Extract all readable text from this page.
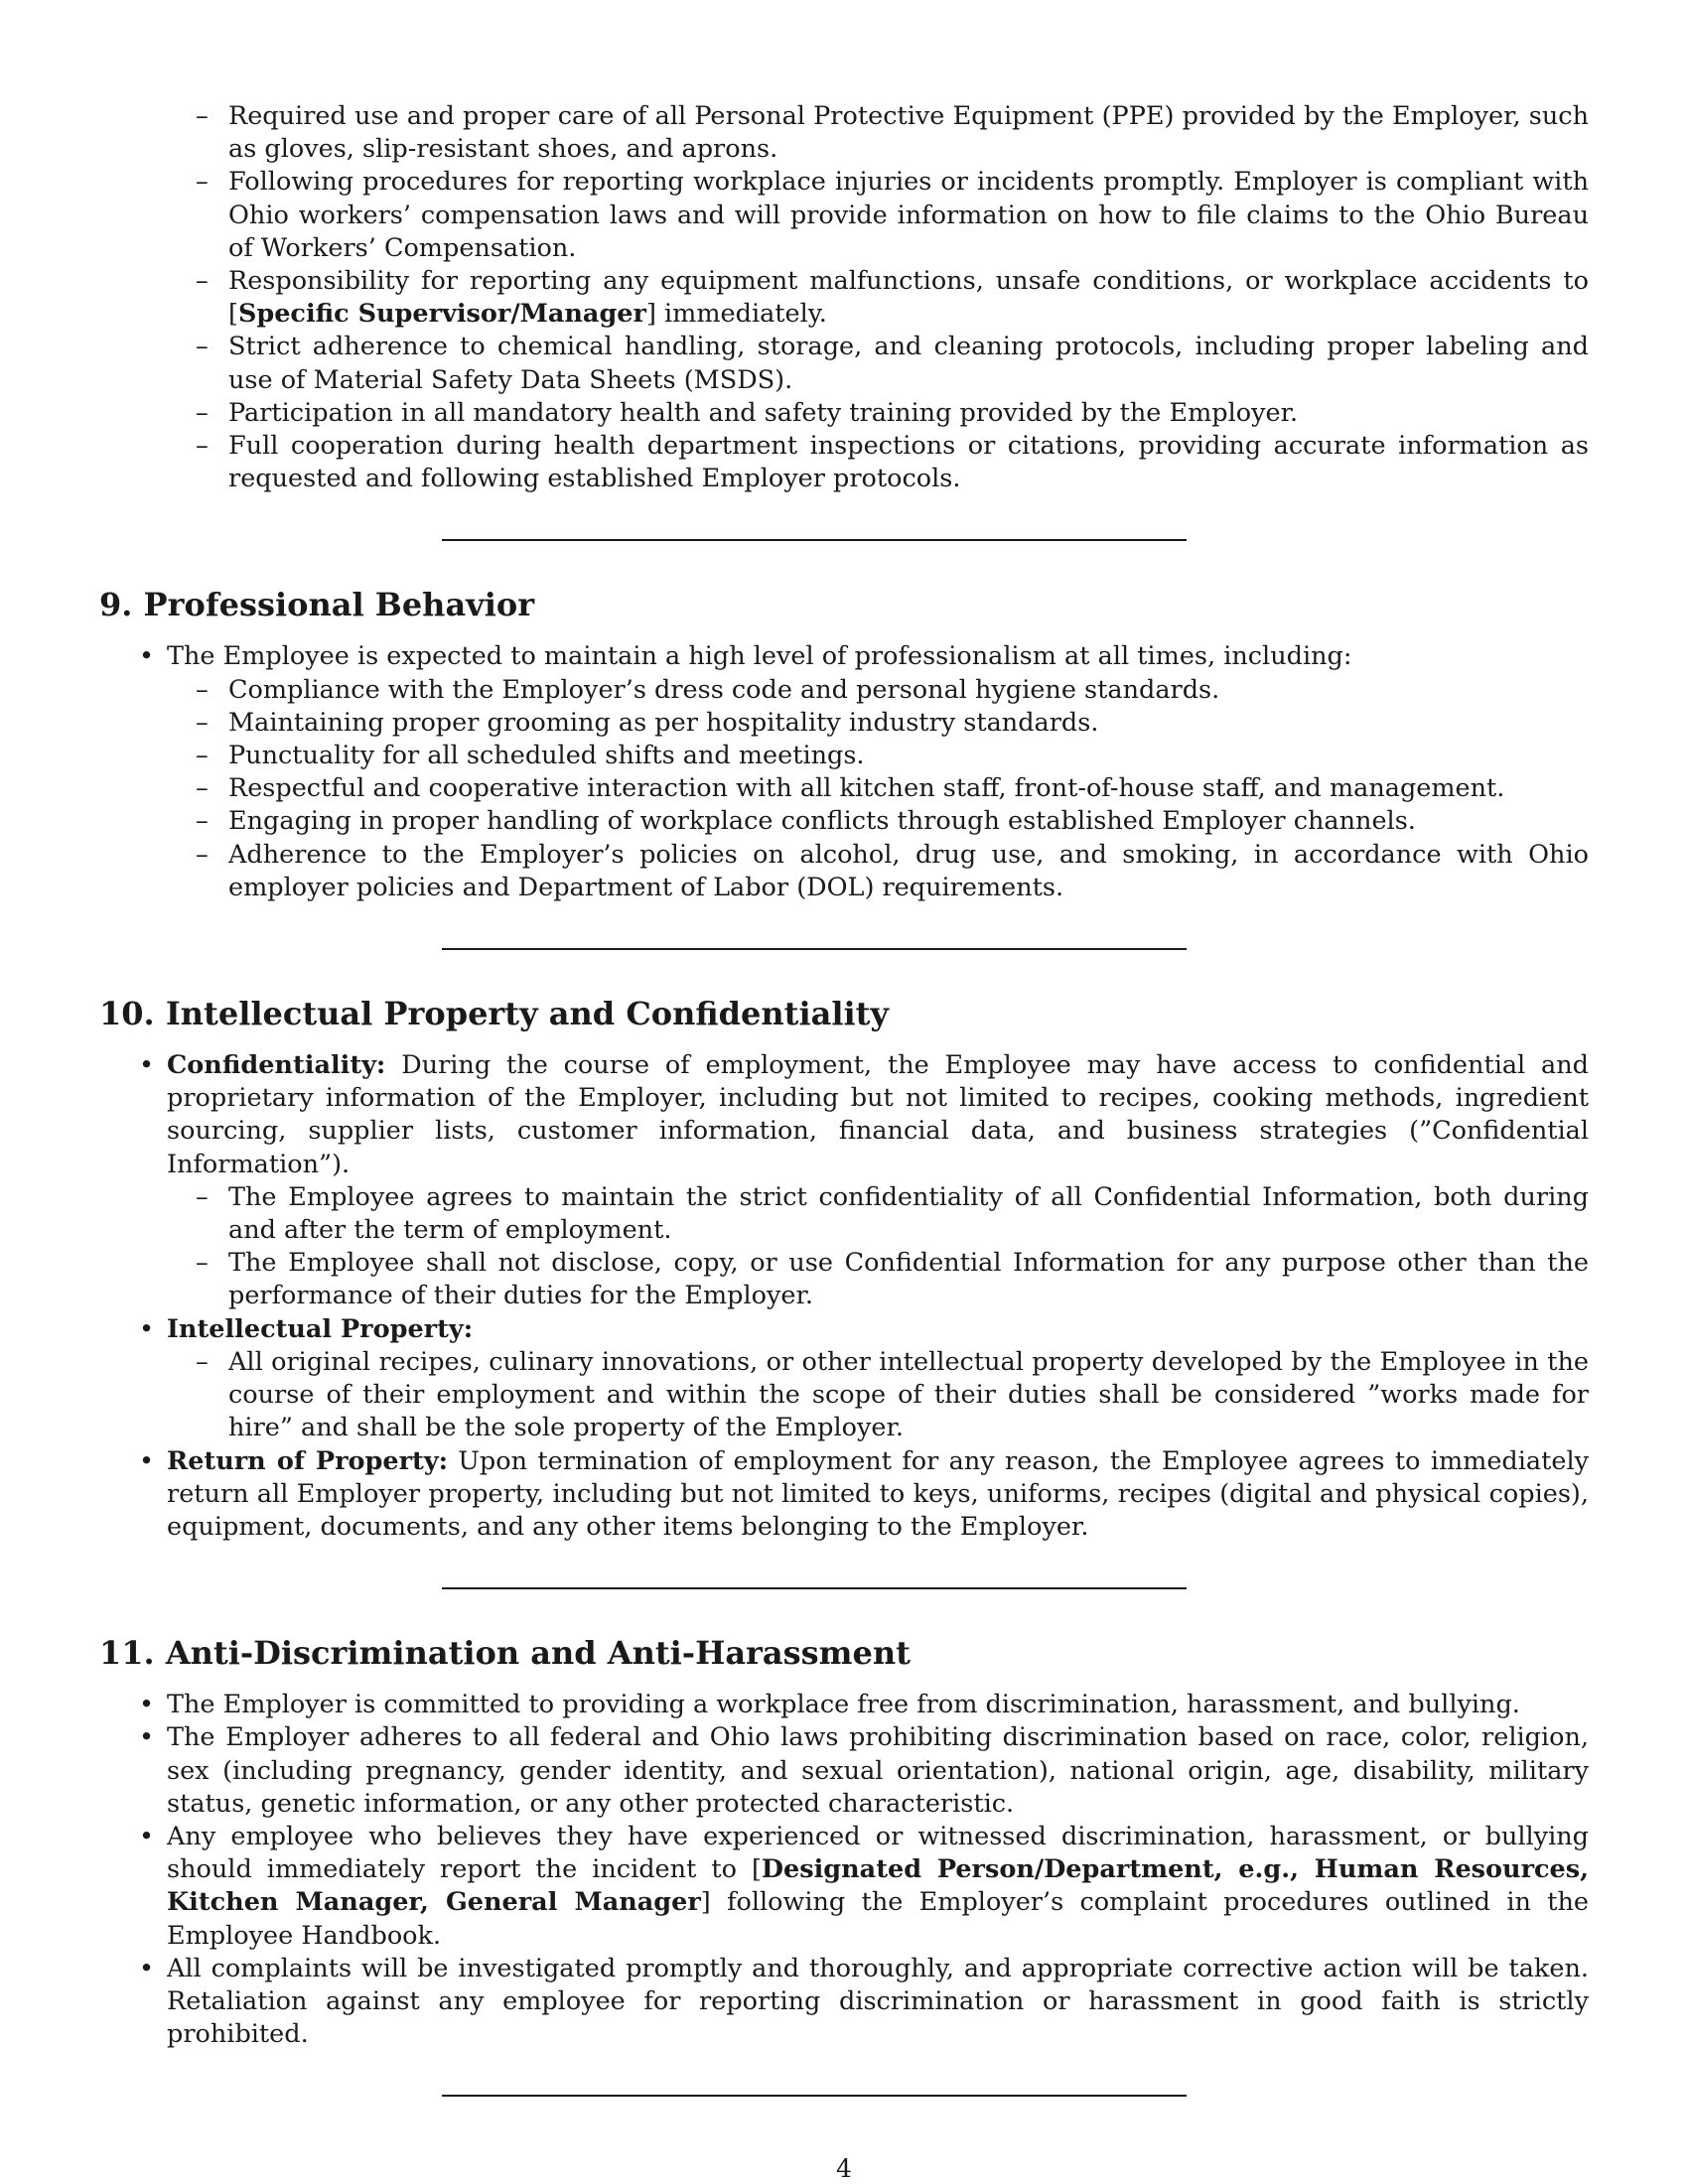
– Required use and proper care of all Personal Protective Equipment (PPE) provided by the Employer, such as gloves, slip-resistant shoes, and aprons.
– Following procedures for reporting workplace injuries or incidents promptly. Employer is compliant with Ohio workers’ compensation laws and will provide information on how to file claims to the Ohio Bureau of Workers’ Compensation.
– Responsibility for reporting any equipment malfunctions, unsafe conditions, or workplace accidents to [Specific Supervisor/Manager] immediately.
– Strict adherence to chemical handling, storage, and cleaning protocols, including proper labeling and use of Material Safety Data Sheets (MSDS).
– Participation in all mandatory health and safety training provided by the Employer.
– Full cooperation during health department inspections or citations, providing accurate information as requested and following established Employer protocols.
9. Professional Behavior
• The Employee is expected to maintain a high level of professionalism at all times, including:
– Compliance with the Employer’s dress code and personal hygiene standards.
– Maintaining proper grooming as per hospitality industry standards.
– Punctuality for all scheduled shifts and meetings.
– Respectful and cooperative interaction with all kitchen staff, front-of-house staff, and management.
– Engaging in proper handling of workplace conflicts through established Employer channels.
– Adherence to the Employer’s policies on alcohol, drug use, and smoking, in accordance with Ohio employer policies and Department of Labor (DOL) requirements.
10. Intellectual Property and Confidentiality
• Confidentiality: During the course of employment, the Employee may have access to confidential and proprietary information of the Employer, including but not limited to recipes, cooking methods, ingredient sourcing, supplier lists, customer information, financial data, and business strategies (”Confidential Information”).
– The Employee agrees to maintain the strict confidentiality of all Confidential Information, both during and after the term of employment.
– The Employee shall not disclose, copy, or use Confidential Information for any purpose other than the performance of their duties for the Employer.
• Intellectual Property:
– All original recipes, culinary innovations, or other intellectual property developed by the Employee in the course of their employment and within the scope of their duties shall be considered ”works made for hire” and shall be the sole property of the Employer.
• Return of Property: Upon termination of employment for any reason, the Employee agrees to immediately return all Employer property, including but not limited to keys, uniforms, recipes (digital and physical copies), equipment, documents, and any other items belonging to the Employer.
11. Anti-Discrimination and Anti-Harassment
• The Employer is committed to providing a workplace free from discrimination, harassment, and bullying.
• The Employer adheres to all federal and Ohio laws prohibiting discrimination based on race, color, religion, sex (including pregnancy, gender identity, and sexual orientation), national origin, age, disability, military status, genetic information, or any other protected characteristic.
• Any employee who believes they have experienced or witnessed discrimination, harassment, or bullying should immediately report the incident to [Designated Person/Department, e.g., Human Resources, Kitchen Manager, General Manager] following the Employer’s complaint procedures outlined in the Employee Handbook.
• All complaints will be investigated promptly and thoroughly, and appropriate corrective action will be taken. Retaliation against any employee for reporting discrimination or harassment in good faith is strictly prohibited.
4
